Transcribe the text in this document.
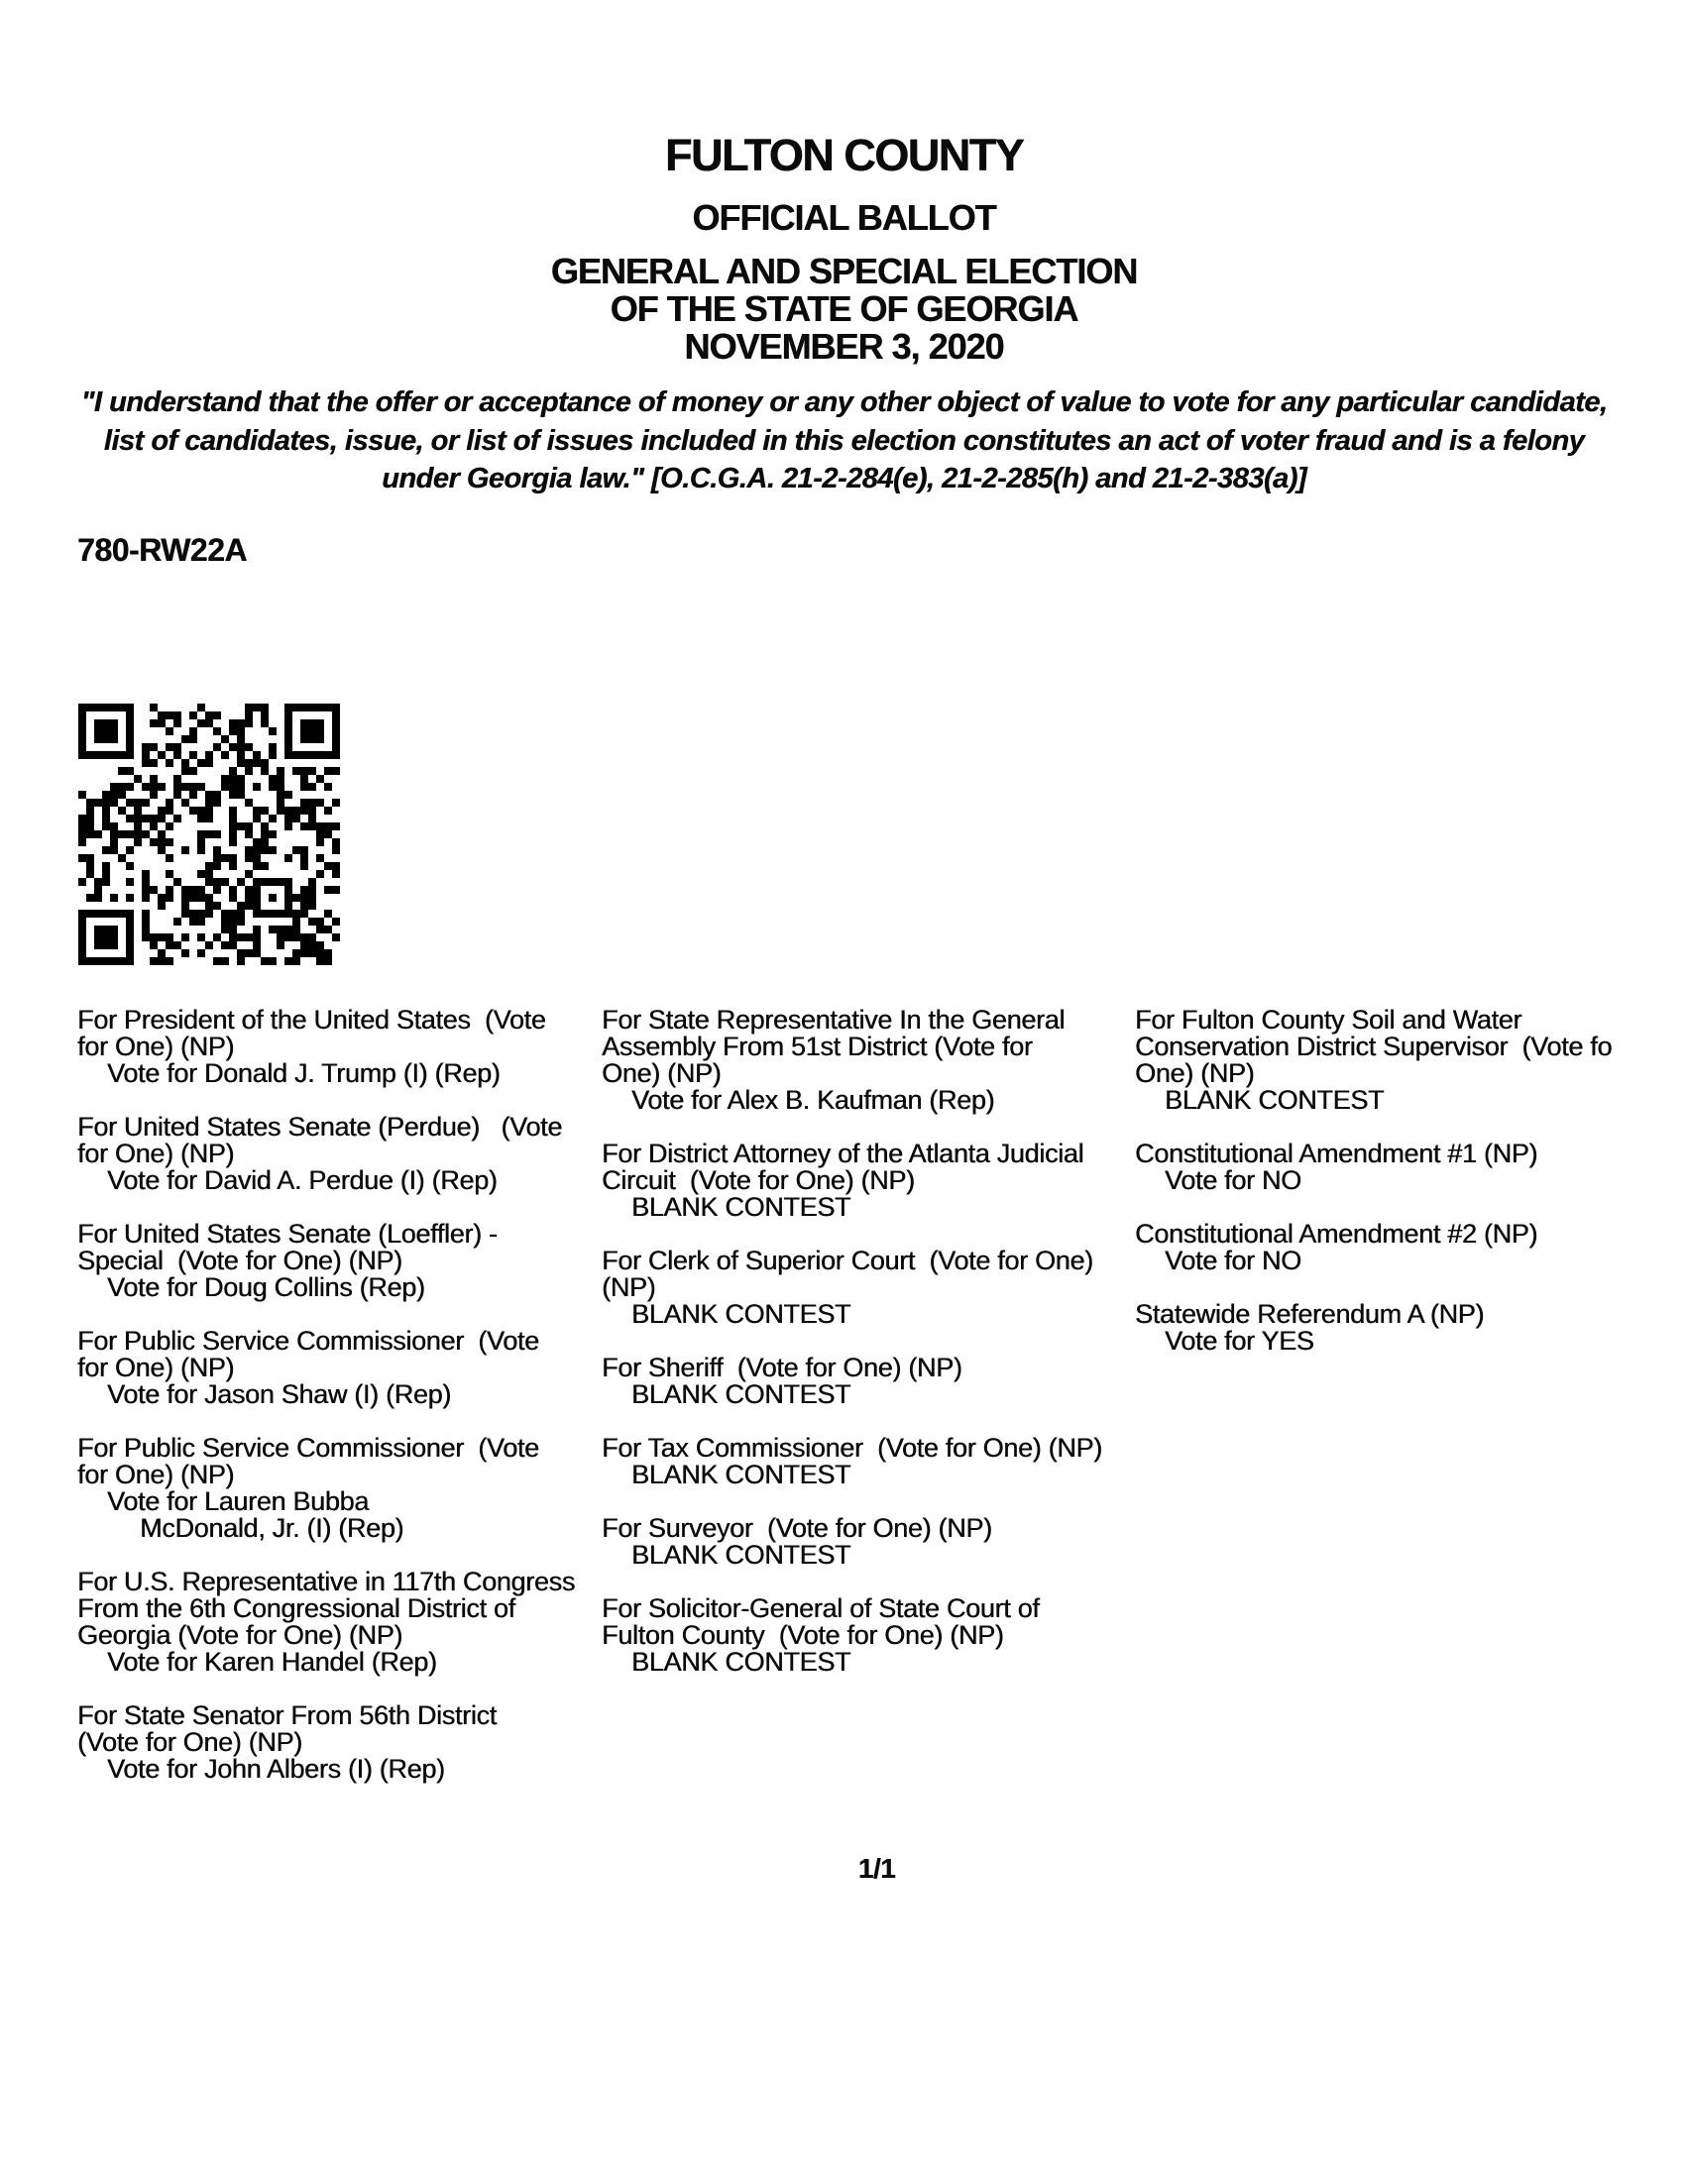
FULTON COUNTY
OFFICIAL BALLOT
GENERAL AND SPECIAL ELECTION
OF THE STATE OF GEORGIA
NOVEMBER 3, 2020
"I understand that the offer or acceptance of money or any other object of value to vote for any particular candidate,
list of candidates, issue, or list of issues included in this election constitutes an act of voter fraud and is a felony
under Georgia law." [O.C.G.A. 21-2-284(e), 21-2-285(h) and 21-2-383(a)]
780-RW22A
For President of the United States  (Vote
for One) (NP)
Vote for Donald J. Trump (I) (Rep)
For United States Senate (Perdue)   (Vote
for One) (NP)
Vote for David A. Perdue (I) (Rep)
For United States Senate (Loeffler) -
Special  (Vote for One) (NP)
Vote for Doug Collins (Rep)
For Public Service Commissioner  (Vote
for One) (NP)
Vote for Jason Shaw (I) (Rep)
For Public Service Commissioner  (Vote
for One) (NP)
Vote for Lauren Bubba
McDonald, Jr. (I) (Rep)
For U.S. Representative in 117th Congress
From the 6th Congressional District of
Georgia (Vote for One) (NP)
Vote for Karen Handel (Rep)
For State Senator From 56th District
(Vote for One) (NP)
Vote for John Albers (I) (Rep)
For State Representative In the General
Assembly From 51st District (Vote for
One) (NP)
Vote for Alex B. Kaufman (Rep)
For District Attorney of the Atlanta Judicial
Circuit  (Vote for One) (NP)
BLANK CONTEST
For Clerk of Superior Court  (Vote for One)
(NP)
BLANK CONTEST
For Sheriff  (Vote for One) (NP)
BLANK CONTEST
For Tax Commissioner  (Vote for One) (NP)
BLANK CONTEST
For Surveyor  (Vote for One) (NP)
BLANK CONTEST
For Solicitor-General of State Court of
Fulton County  (Vote for One) (NP)
BLANK CONTEST
For Fulton County Soil and Water
Conservation District Supervisor  (Vote fo
One) (NP)
BLANK CONTEST
Constitutional Amendment #1 (NP)
Vote for NO
Constitutional Amendment #2 (NP)
Vote for NO
Statewide Referendum A (NP)
Vote for YES
1/1
